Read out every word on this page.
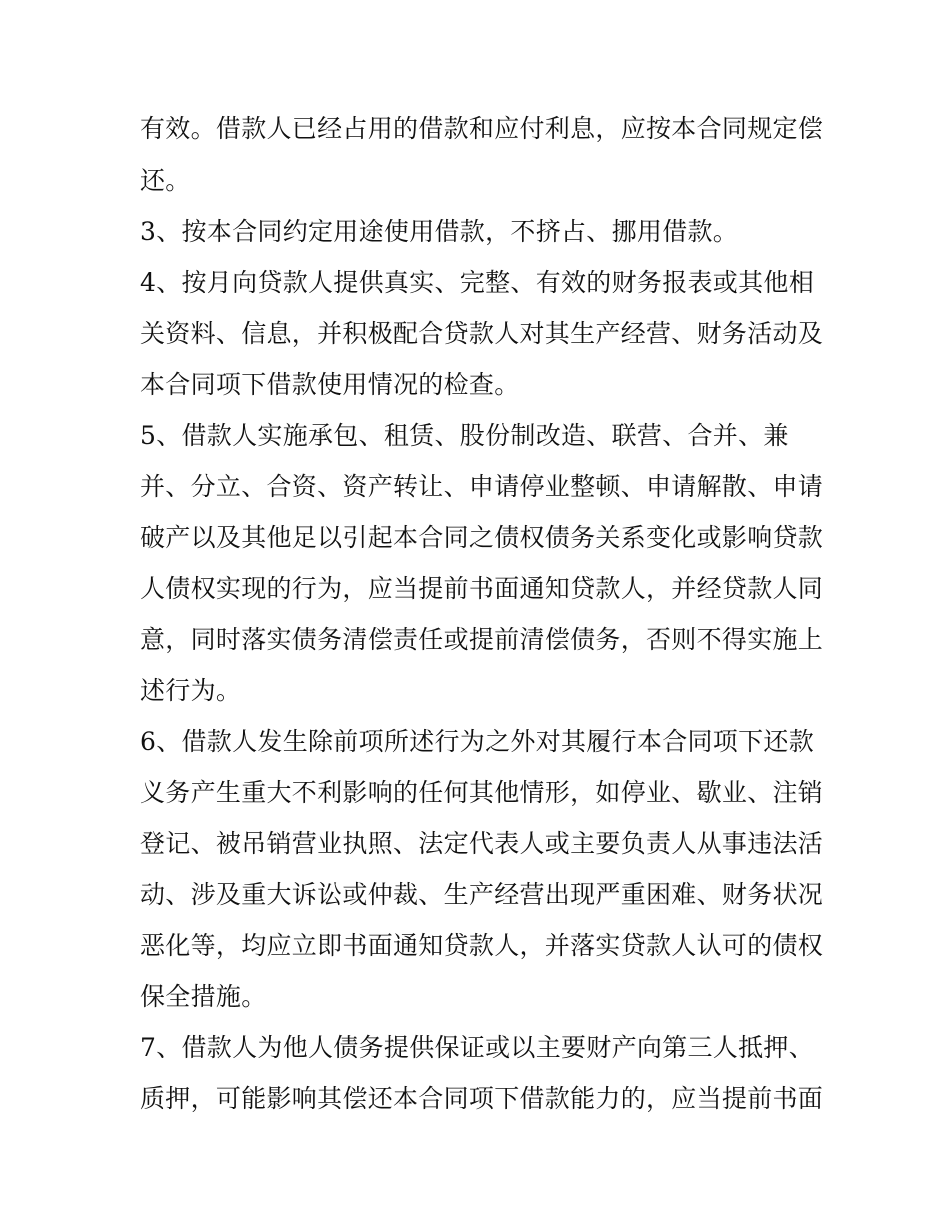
有效。借款人已经占用的借款和应付利息，应按本合同规定偿
还。
3、按本合同约定用途使用借款，不挤占、挪用借款。
4、按月向贷款人提供真实、完整、有效的财务报表或其他相
关资料、信息，并积极配合贷款人对其生产经营、财务活动及
本合同项下借款使用情况的检查。
5、借款人实施承包、租赁、股份制改造、联营、合并、兼
并、分立、合资、资产转让、申请停业整顿、申请解散、申请
破产以及其他足以引起本合同之债权债务关系变化或影响贷款
人债权实现的行为，应当提前书面通知贷款人，并经贷款人同
意，同时落实债务清偿责任或提前清偿债务，否则不得实施上
述行为。
6、借款人发生除前项所述行为之外对其履行本合同项下还款
义务产生重大不利影响的任何其他情形，如停业、歇业、注销
登记、被吊销营业执照、法定代表人或主要负责人从事违法活
动、涉及重大诉讼或仲裁、生产经营出现严重困难、财务状况
恶化等，均应立即书面通知贷款人，并落实贷款人认可的债权
保全措施。
7、借款人为他人债务提供保证或以主要财产向第三人抵押、
质押，可能影响其偿还本合同项下借款能力的，应当提前书面
